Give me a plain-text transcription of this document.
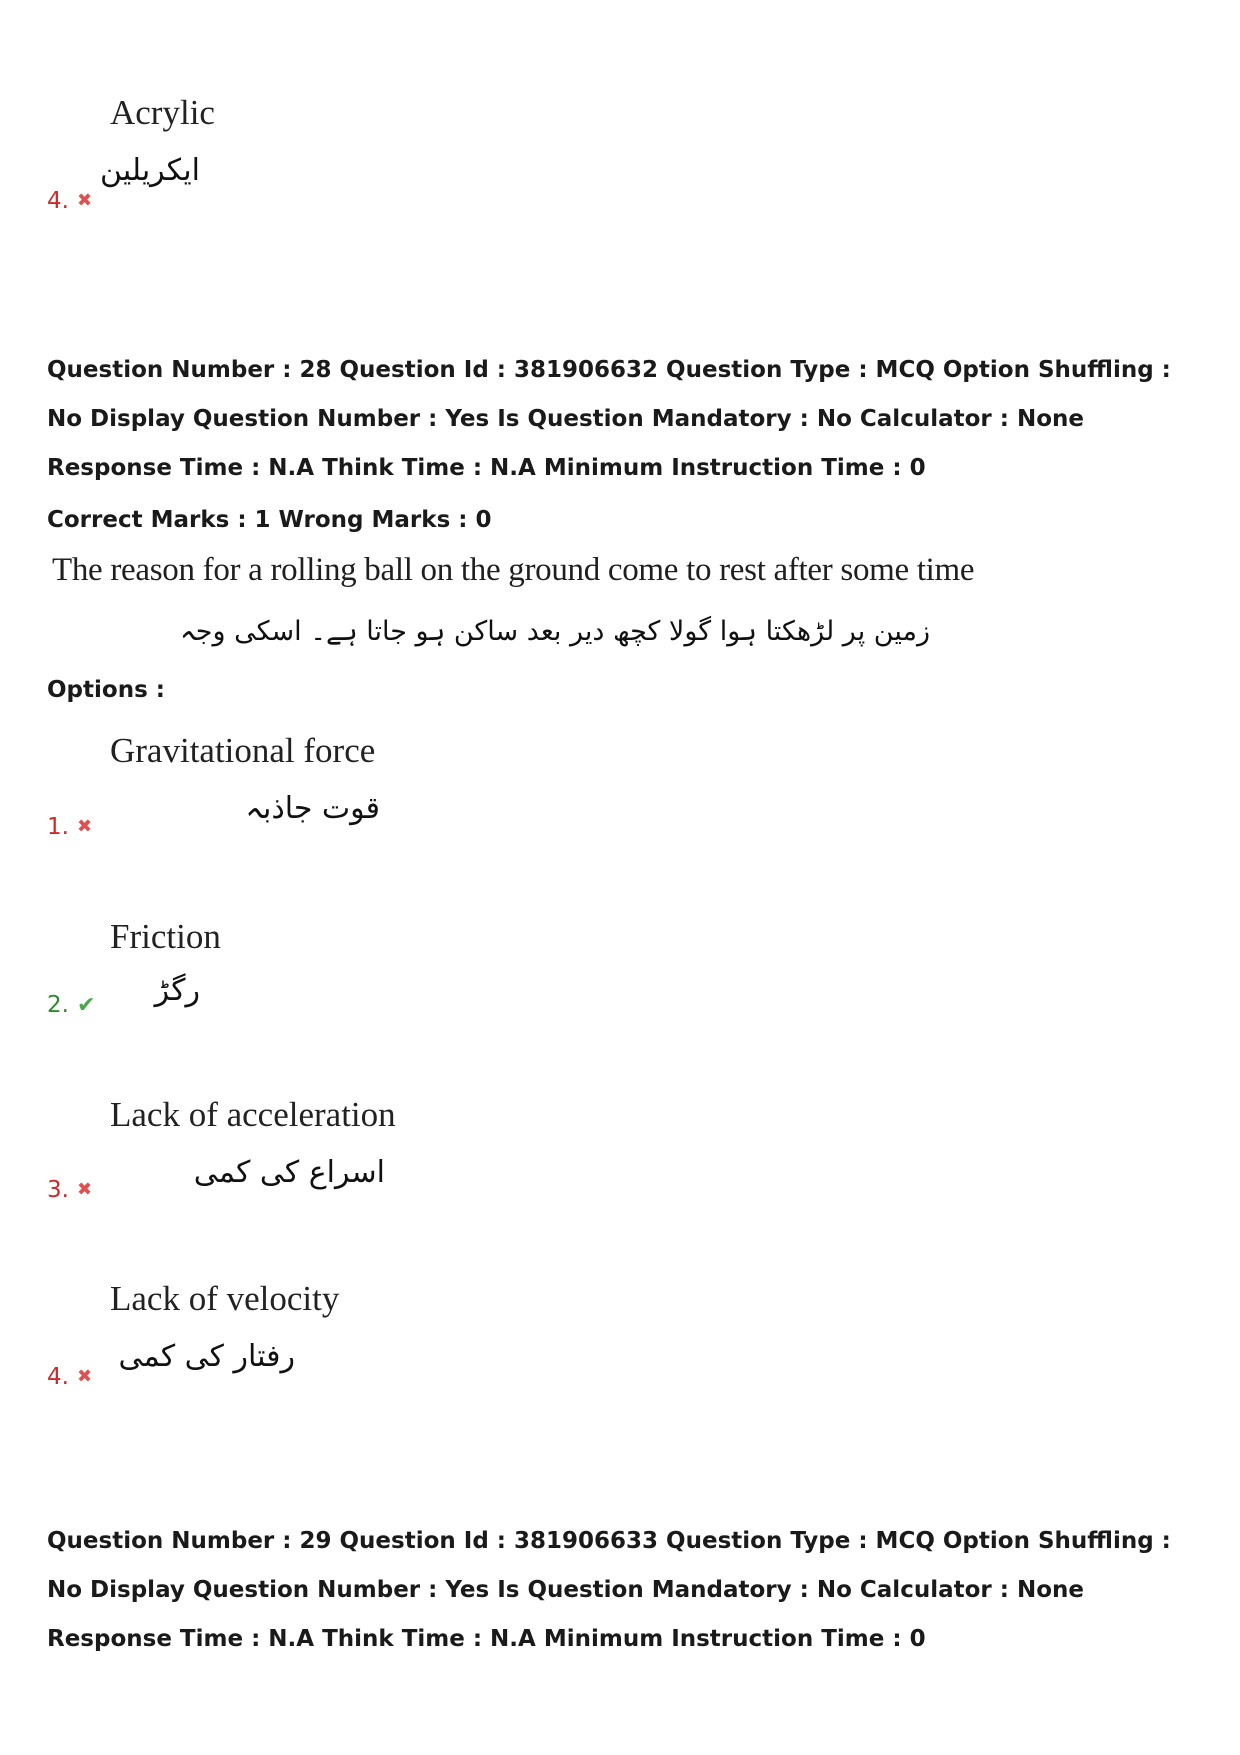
Acrylic
ایکریلین
4. ✖
Question Number : 28 Question Id : 381906632 Question Type : MCQ Option Shuffling : No Display Question Number : Yes Is Question Mandatory : No Calculator : None Response Time : N.A Think Time : N.A Minimum Instruction Time : 0
Correct Marks : 1 Wrong Marks : 0
The reason for a rolling ball on the ground come to rest after some time
زمین پر لڑھکتا ہوا گولا کچھ دیر بعد ساکن ہو جاتا ہے۔ اسکی وجہ
Options :
Gravitational force
قوت جاذبہ
1. ✖
Friction
رگڑ
2. ✔
Lack of acceleration
اسراع کی کمی
3. ✖
Lack of velocity
رفتار کی کمی
4. ✖
Question Number : 29 Question Id : 381906633 Question Type : MCQ Option Shuffling : No Display Question Number : Yes Is Question Mandatory : No Calculator : None Response Time : N.A Think Time : N.A Minimum Instruction Time : 0
